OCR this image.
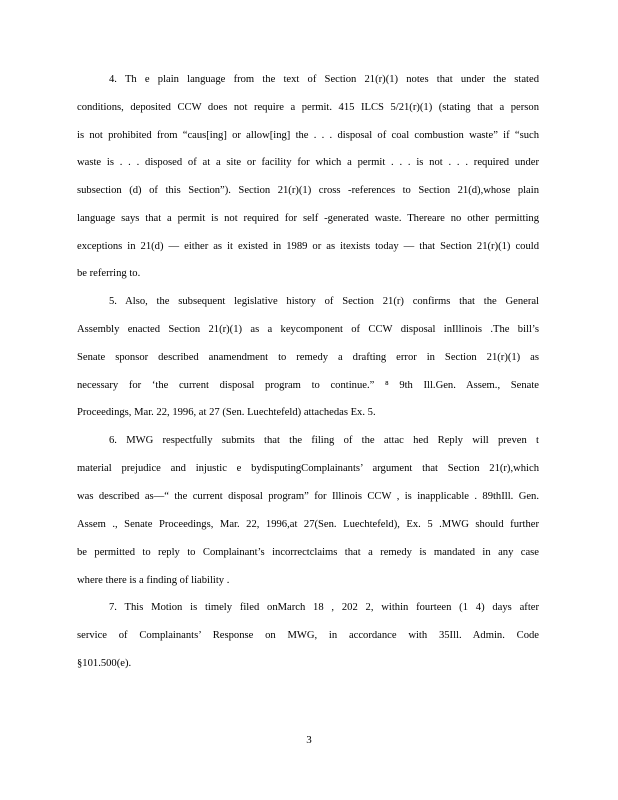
4. Th e plain language from the text of Section 21(r)(1) notes that under the stated
conditions, deposited CCW does not require a permit. 415 ILCS 5/21(r)(1) (stating that a person
is not prohibited from “caus[ing] or allow[ing] the . . . disposal of coal combustion waste” if “such
waste is . . . disposed of at a site or facility for which a permit . . . is not . . . required under
subsection (d) of this Section”). Section 21(r)(1) cross -references to Section 21(d),whose plain
language says that a permit is not required for self -generated waste. Thereare no other permitting
exceptions in 21(d) — either as it existed in 1989 or as itexists today — that Section 21(r)(1) could
be referring to.
5. Also, the subsequent legislative history of Section 21(r) confirms that the General
Assembly enacted Section 21(r)(1) as a keycomponent of CCW disposal inIllinois .The bill’s
Senate sponsor described anamendment to remedy a drafting error in Section 21(r)(1) as
necessary for ‘the current disposal program to continue.” ⁸ 9th Ill.Gen. Assem., Senate
Proceedings, Mar. 22, 1996, at 27 (Sen. Luechtefeld) attachedas Ex. 5.
6. MWG respectfully submits that the filing of the attac hed Reply will preven t
material prejudice and injustic e bydisputingComplainants’ argument that Section 21(r),which
was described as—“ the current disposal program” for Illinois CCW , is inapplicable . 89thIll. Gen.
Assem ., Senate Proceedings, Mar. 22, 1996,at 27(Sen. Luechtefeld), Ex. 5 .MWG should further
be permitted to reply to Complainant’s incorrectclaims that a remedy is mandated in any case
where there is a finding of liability .
7. This Motion is timely filed onMarch 18 , 202 2, within fourteen (1 4) days after
service of Complainants’ Response on MWG, in accordance with 35Ill. Admin. Code
§101.500(e).
3
